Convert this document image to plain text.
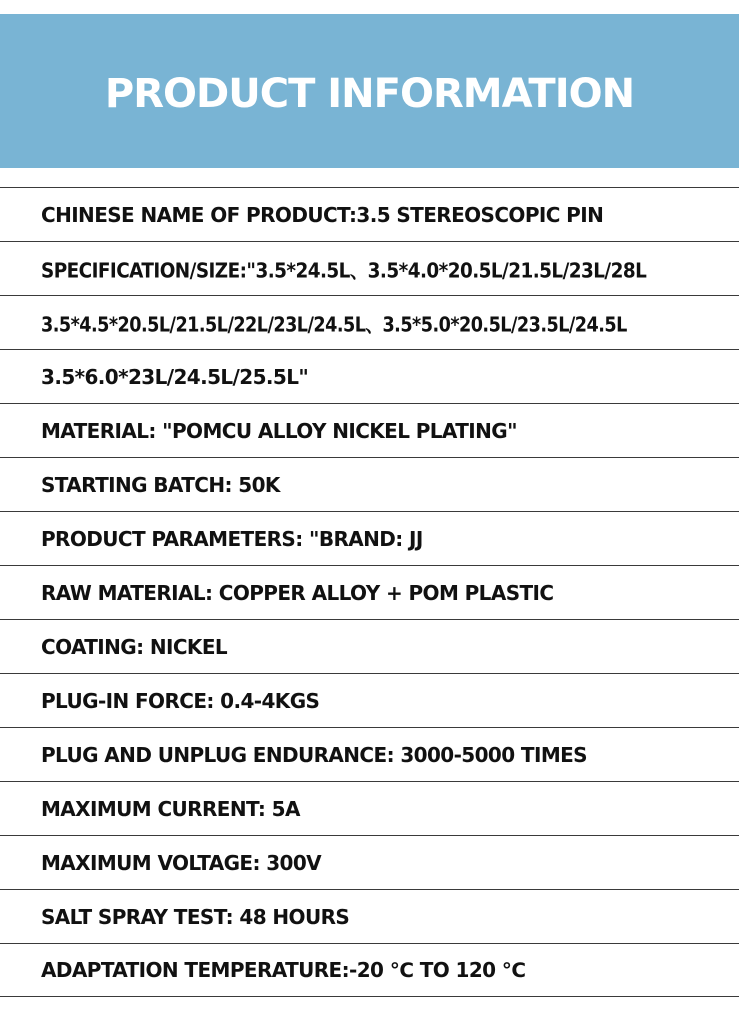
PRODUCT INFORMATION
CHINESE NAME OF PRODUCT:3.5 STEREOSCOPIC PIN
SPECIFICATION/SIZE:"3.5*24.5L、3.5*4.0*20.5L/21.5L/23L/28L
3.5*4.5*20.5L/21.5L/22L/23L/24.5L、3.5*5.0*20.5L/23.5L/24.5L
3.5*6.0*23L/24.5L/25.5L"
MATERIAL: "POMCU ALLOY NICKEL PLATING"
STARTING BATCH: 50K
PRODUCT PARAMETERS: "BRAND: JJ
RAW MATERIAL: COPPER ALLOY + POM PLASTIC
COATING: NICKEL
PLUG-IN FORCE: 0.4-4KGS
PLUG AND UNPLUG ENDURANCE: 3000-5000 TIMES
MAXIMUM CURRENT: 5A
MAXIMUM VOLTAGE: 300V
SALT SPRAY TEST: 48 HOURS
ADAPTATION TEMPERATURE:-20 ℃ TO 120 ℃
